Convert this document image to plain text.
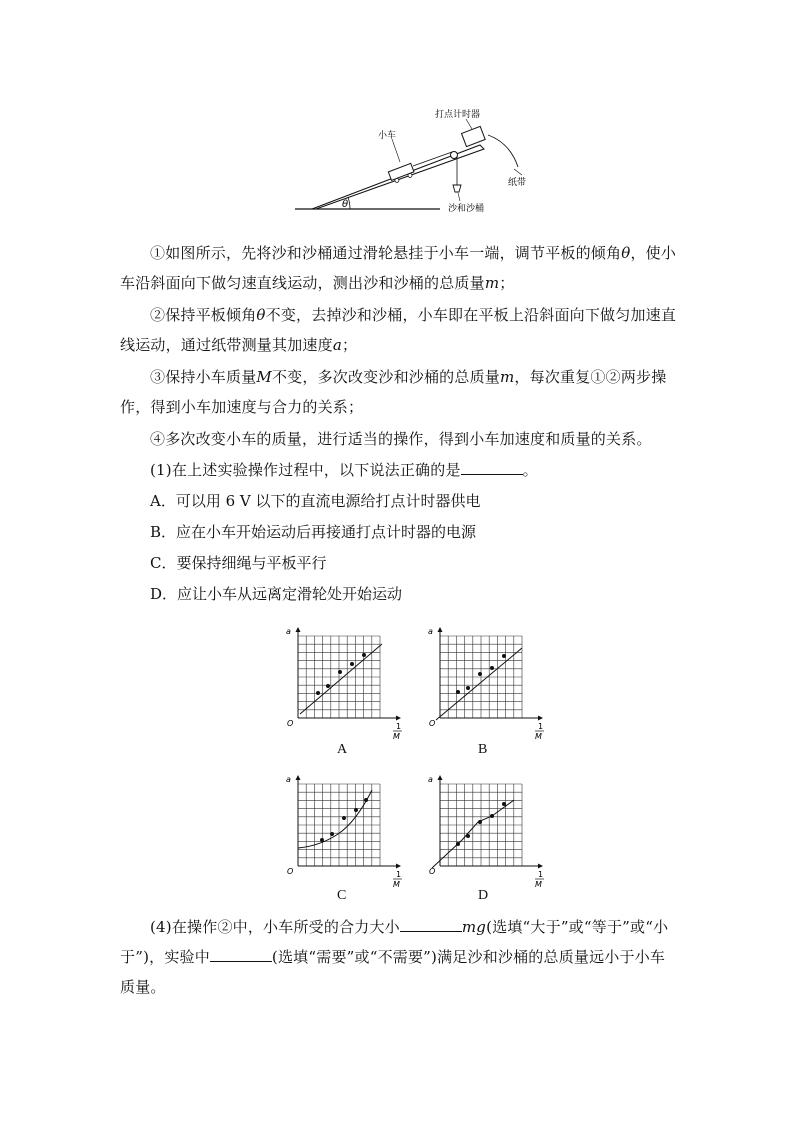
θ
小车
打点计时器
纸带
沙和沙桶

①如图所示，先将沙和沙桶通过滑轮悬挂于小车一端，调节平板的倾角θ，使小车沿斜面向下做匀速直线运动，测出沙和沙桶的总质量m；

②保持平板倾角θ不变，去掉沙和沙桶，小车即在平板上沿斜面向下做匀加速直线运动，通过纸带测量其加速度a；

③保持小车质量M不变，多次改变沙和沙桶的总质量m，每次重复①②两步操作，得到小车加速度与合力的关系；

④多次改变小车的质量，进行适当的操作，得到小车加速度和质量的关系。

(1)在上述实验操作过程中，以下说法正确的是	。

A．可以用 6 V 以下的直流电源给打点计时器供电
B．应在小车开始运动后再接通打点计时器的电源
C．要保持细绳与平板平行
D．应让小车从远离定滑轮处开始运动
a
O	1
M
a
O	1
M
a
O	1
M
a
O	1
M
A	B
C	D

(4)在操作②中，小车所受的合力大小	mg(选填“大于”或“等于”或“小于”)，实验中	(选填“需要”或“不需要”)满足沙和沙桶的总质量远小于小车质量。
